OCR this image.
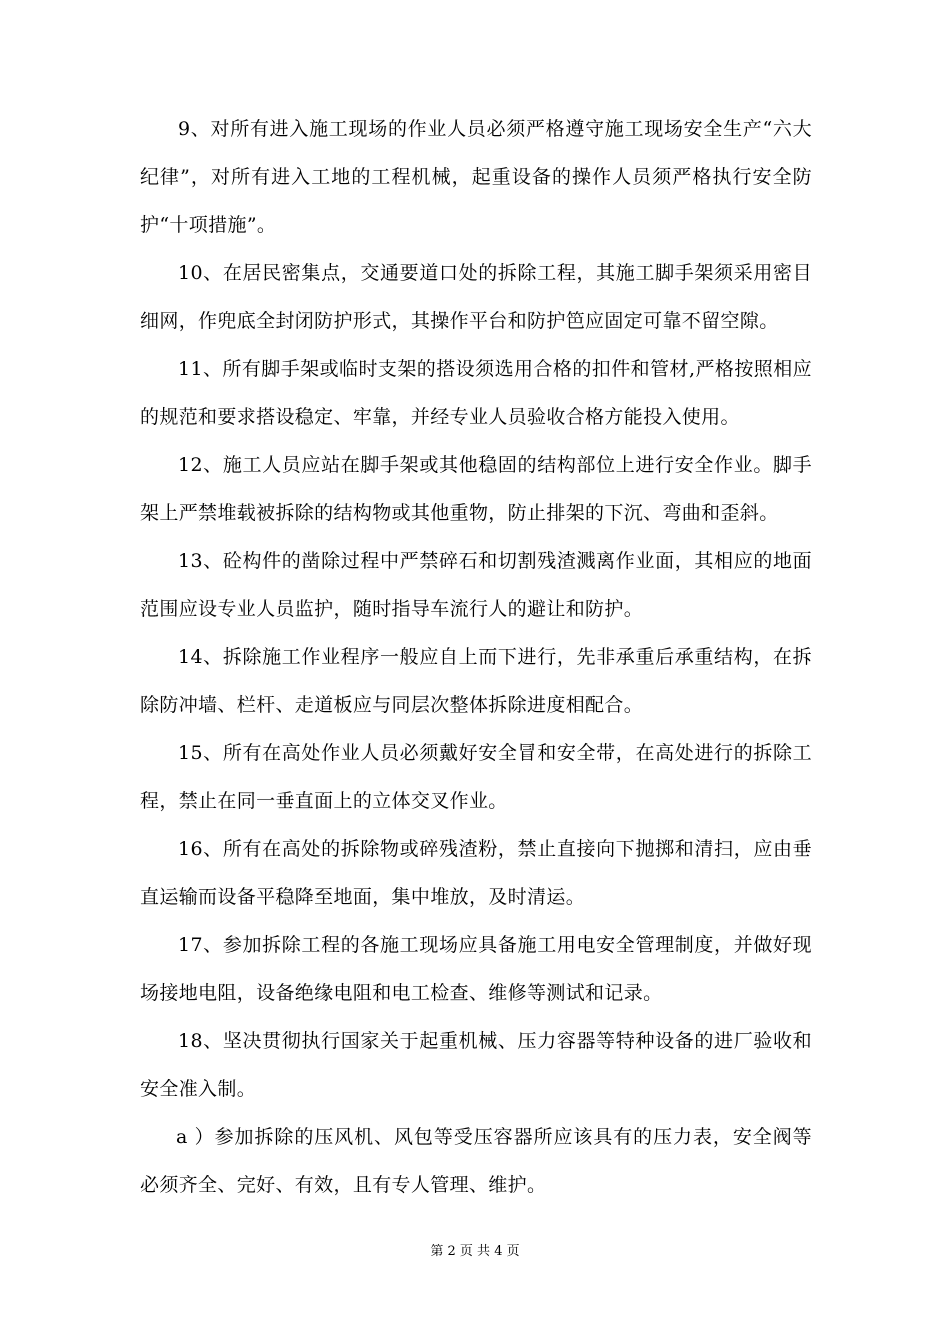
9、对所有进入施工现场的作业人员必须严格遵守施工现场安全生产“六大纪律”，对所有进入工地的工程机械，起重设备的操作人员须严格执行安全防护“十项措施”。

10、在居民密集点，交通要道口处的拆除工程，其施工脚手架须采用密目细网，作兜底全封闭防护形式，其操作平台和防护笆应固定可靠不留空隙。

11、所有脚手架或临时支架的搭设须选用合格的扣件和管材,严格按照相应的规范和要求搭设稳定、牢靠，并经专业人员验收合格方能投入使用。

12、施工人员应站在脚手架或其他稳固的结构部位上进行安全作业。脚手架上严禁堆载被拆除的结构物或其他重物，防止排架的下沉、弯曲和歪斜。

13、砼构件的凿除过程中严禁碎石和切割残渣溅离作业面，其相应的地面范围应设专业人员监护，随时指导车流行人的避让和防护。

14、拆除施工作业程序一般应自上而下进行，先非承重后承重结构，在拆除防冲墙、栏杆、走道板应与同层次整体拆除进度相配合。

15、所有在高处作业人员必须戴好安全冒和安全带，在高处进行的拆除工程，禁止在同一垂直面上的立体交叉作业。

16、所有在高处的拆除物或碎残渣粉，禁止直接向下抛掷和清扫，应由垂直运输而设备平稳降至地面，集中堆放，及时清运。

17、参加拆除工程的各施工现场应具备施工用电安全管理制度，并做好现场接地电阻，设备绝缘电阻和电工检查、维修等测试和记录。

18、坚决贯彻执行国家关于起重机械、压力容器等特种设备的进厂验收和安全准入制。

a ）参加拆除的压风机、风包等受压容器所应该具有的压力表，安全阀等必须齐全、完好、有效，且有专人管理、维护。

第 2 页 共 4 页
